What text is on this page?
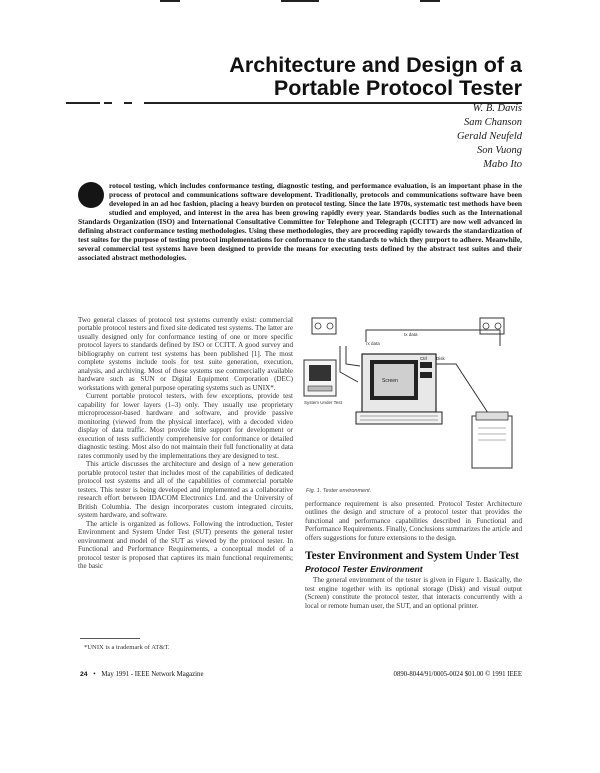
Architecture and Design of a
Portable Protocol Tester
W. B. Davis
Sam Chanson
Gerald Neufeld
Son Vuong
Mabo Ito
rotocol testing, which includes conformance testing, diagnostic testing, and performance evaluation, is an important phase in the process of protocol and communications software development. Traditionally, protocols and communications software have been developed in an ad hoc fashion, placing a heavy burden on protocol testing. Since the late 1970s, systematic test methods have been studied and employed, and interest in the area has been growing rapidly every year. Standards bodies such as the International Standards Organization (ISO) and International Consultative Committee for Telephone and Telegraph (CCITT) are now well advanced in defining abstract conformance testing methodologies. Using these methodologies, they are proceeding rapidly towards the standardization of test suites for the purpose of testing protocol implementations for conformance to the standards to which they purport to adhere. Meanwhile, several commercial test systems have been designed to provide the means for executing tests defined by the abstract test suites and their associated abstract methodologies.

Two general classes of protocol test systems currently exist: commercial portable protocol testers and fixed site dedicated test systems. The latter are usually designed only for conformance testing of one or more specific protocol layers to standards defined by ISO or CCITT. A good survey and bibliography on current test systems has been published [1]. The most complete systems include tools for test suite generation, execution, analysis, and archiving. Most of these systems use commercially available hardware such as SUN or Digital Equipment Corporation (DEC) workstations with general purpose operating systems such as UNIX*.

Current portable protocol testers, with few exceptions, provide test capability for lower layers (1–3) only. They usually use proprietary microprocessor-based hardware and software, and provide passive monitoring (viewed from the physical interface), with a decoded video display of data traffic. Most provide little support for development or execution of tests sufficiently comprehensive for conformance or detailed diagnostic testing. Most also do not maintain their full functionality at data rates commonly used by the implementations they are designed to test.

This article discusses the architecture and design of a new generation portable protocol tester that includes most of the capabilities of dedicated protocol test systems and all of the capabilities of commercial portable testers. This tester is being developed and implemented as a collaborative research effort between IDACOM Electronics Ltd. and the University of British Columbia. The design incorporates custom integrated circuits, system hardware, and software.

The article is organized as follows. Following the introduction, Tester Environment and System Under Test (SUT) presents the general tester environment and model of the SUT as viewed by the protocol tester. In Functional and Performance Requirements, a conceptual model of a protocol tester is proposed that captures its main functional requirements; the basic

rx data
tx data
System Under Test
Screen
Ctrl Disk
Fig. 1. Tester environment.

performance requirement is also presented. Protocol Tester Architecture outlines the design and structure of a protocol tester that provides the functional and performance capabilities described in Functional and Performance Requirements. Finally, Conclusions summarizes the article and offers suggestions for future extensions to the design.

Tester Environment and System Under Test
Protocol Tester Environment

The general environment of the tester is given in Figure 1. Basically, the test engine together with its optional storage (Disk) and visual output (Screen) constitute the protocol tester, that interacts concurrently with a local or remote human user, the SUT, and an optional printer.

*UNIX is a trademark of AT&T.
24 • May 1991 - IEEE Network Magazine	0890-8044/91/0005-0024 $01.00 © 1991 IEEE
